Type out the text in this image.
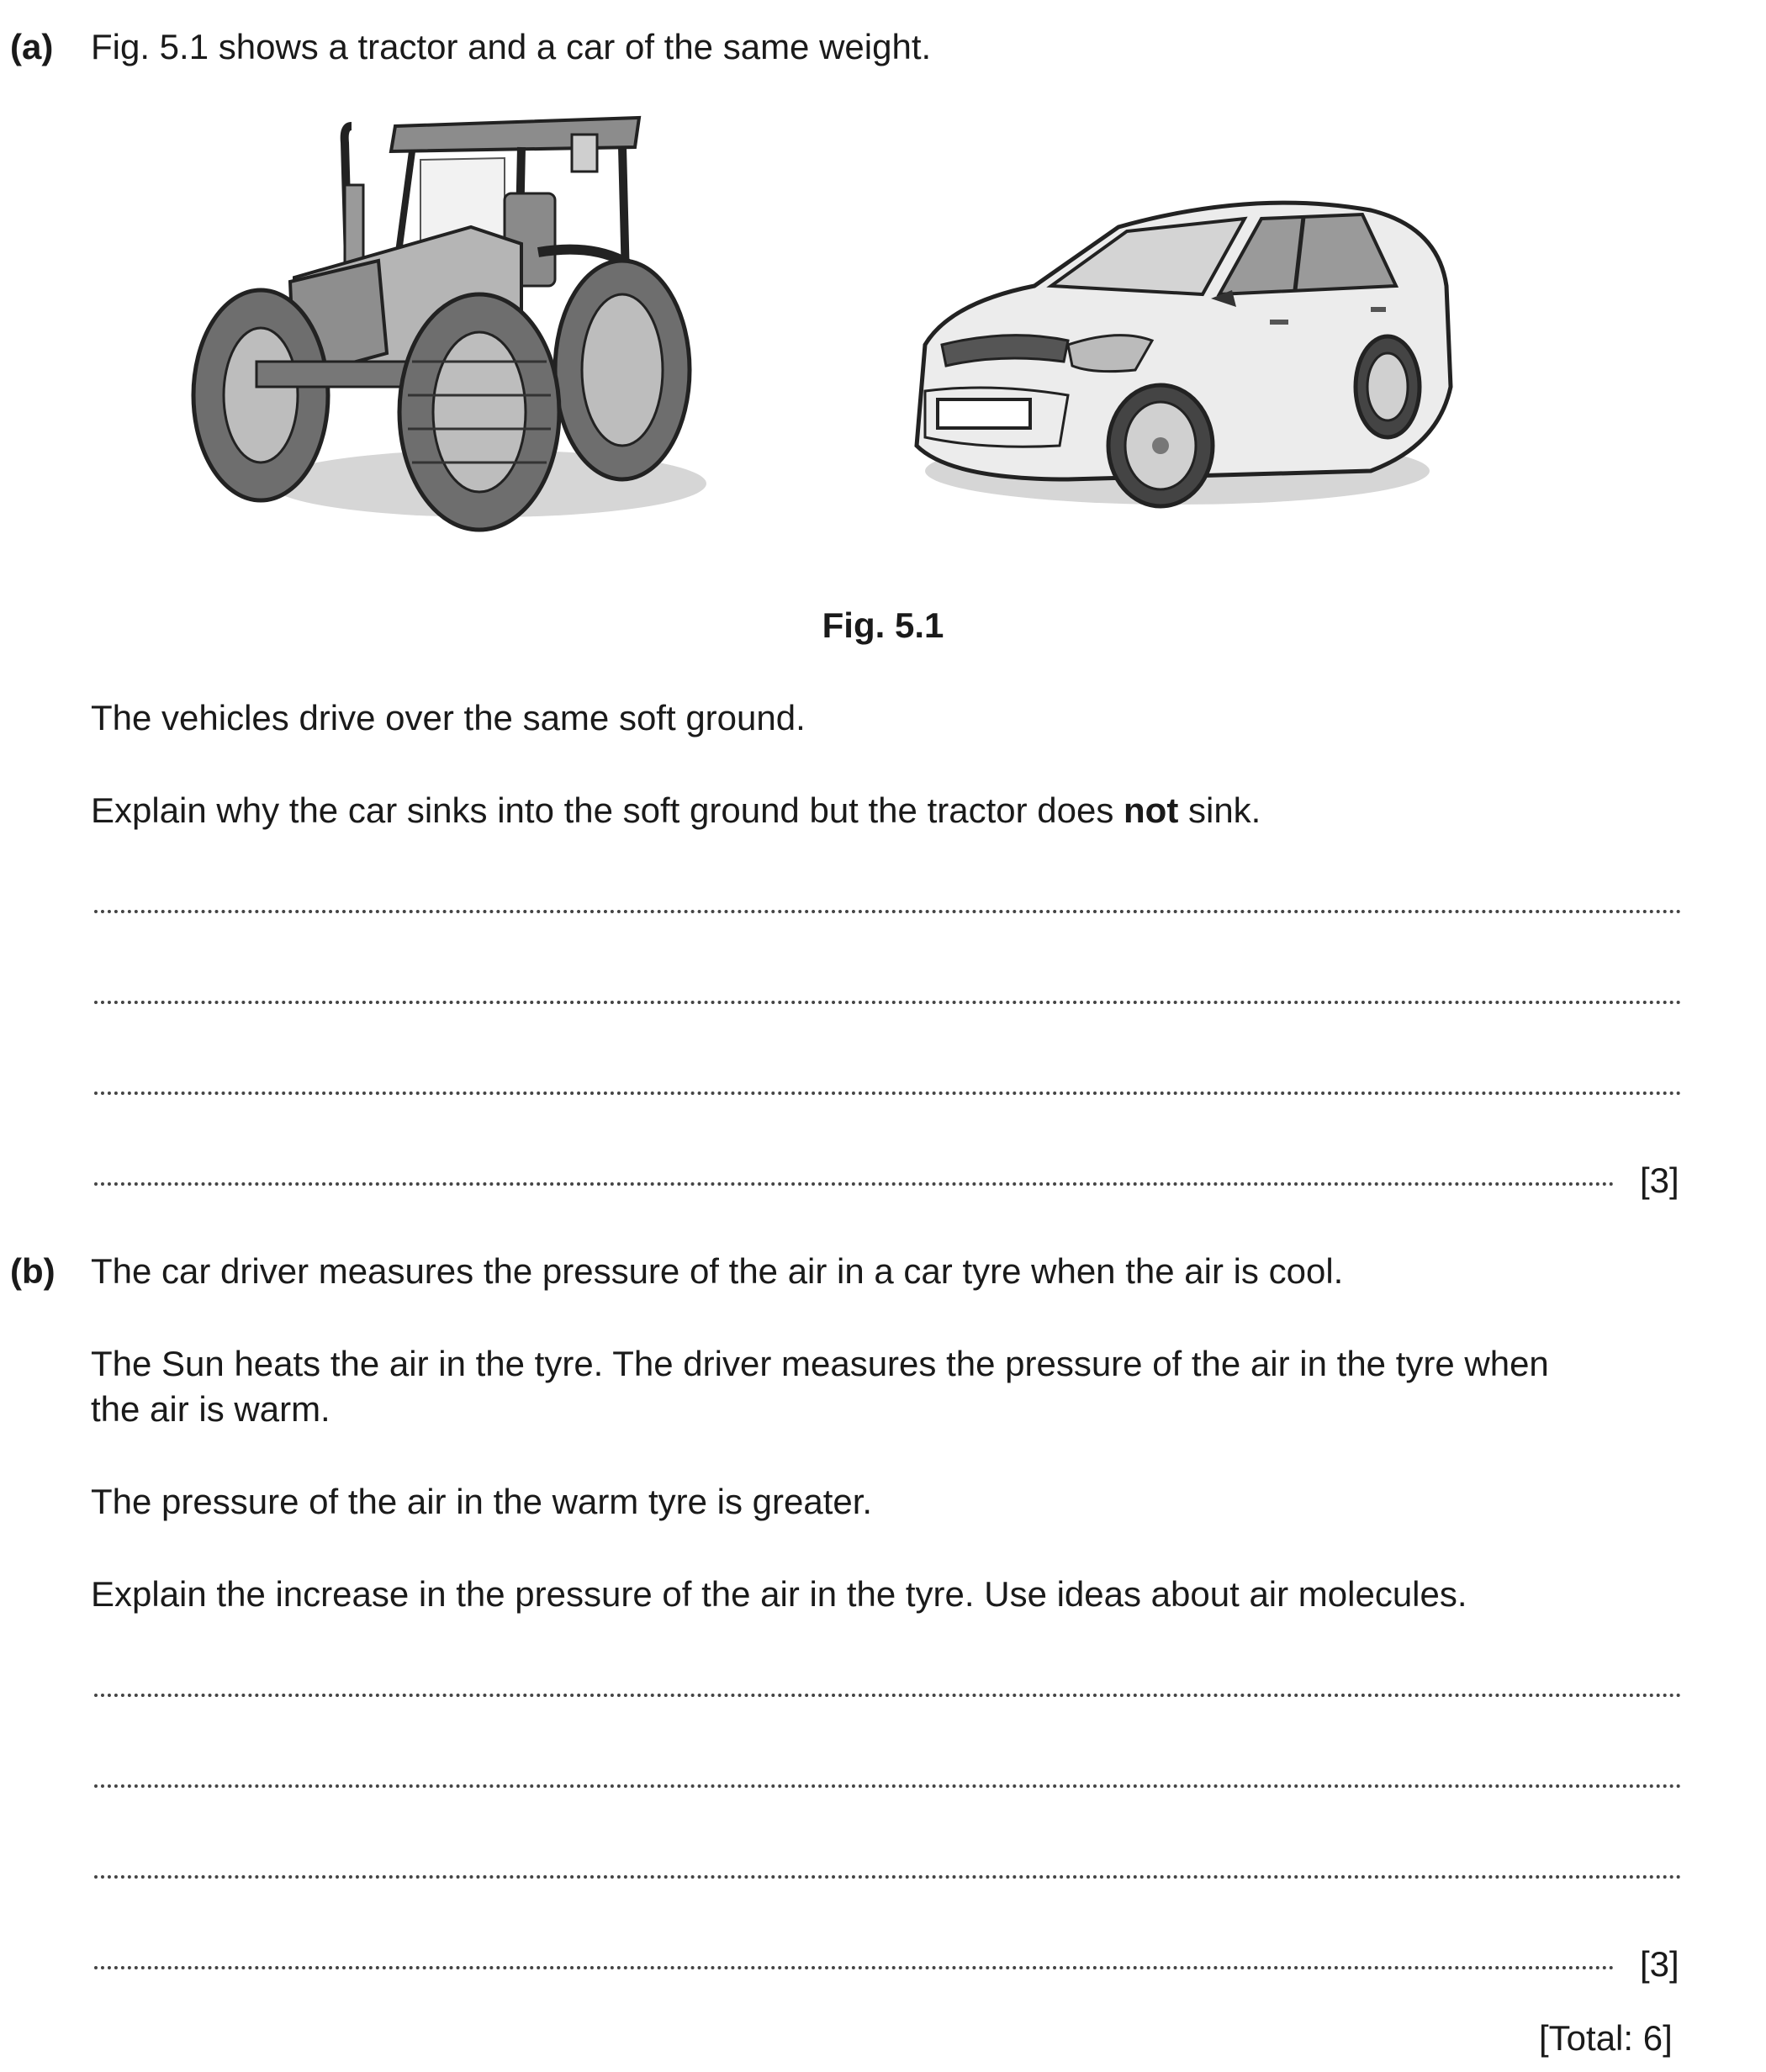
(a) Fig. 5.1 shows a tractor and a car of the same weight.
Fig. 5.1
The vehicles drive over the same soft ground.
Explain why the car sinks into the soft ground but the tractor does not sink.
[3]
(b) The car driver measures the pressure of the air in a car tyre when the air is cool.
The Sun heats the air in the tyre. The driver measures the pressure of the air in the tyre when
the air is warm.
The pressure of the air in the warm tyre is greater.
Explain the increase in the pressure of the air in the tyre. Use ideas about air molecules.
[3]
[Total: 6]
